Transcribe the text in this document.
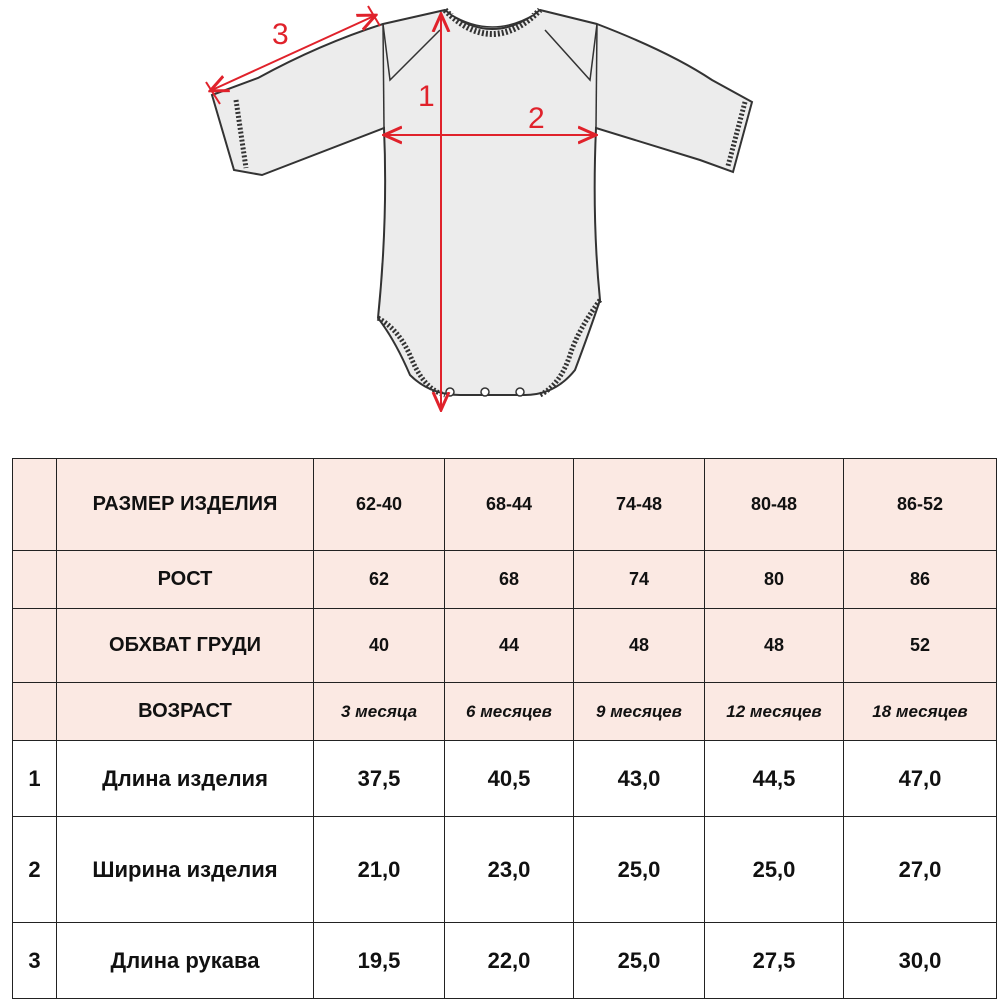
1
2
3
	РАЗМЕР ИЗДЕЛИЯ	62-40	68-44	74-48	80-48	86-52
	РОСТ	62	68	74	80	86
	ОБХВАТ ГРУДИ	40	44	48	48	52
	ВОЗРАСТ	3 месяца	6 месяцев	9 месяцев	12 месяцев	18 месяцев
1	Длина изделия	37,5	40,5	43,0	44,5	47,0
2	Ширина изделия	21,0	23,0	25,0	25,0	27,0
3	Длина рукава	19,5	22,0	25,0	27,5	30,0
